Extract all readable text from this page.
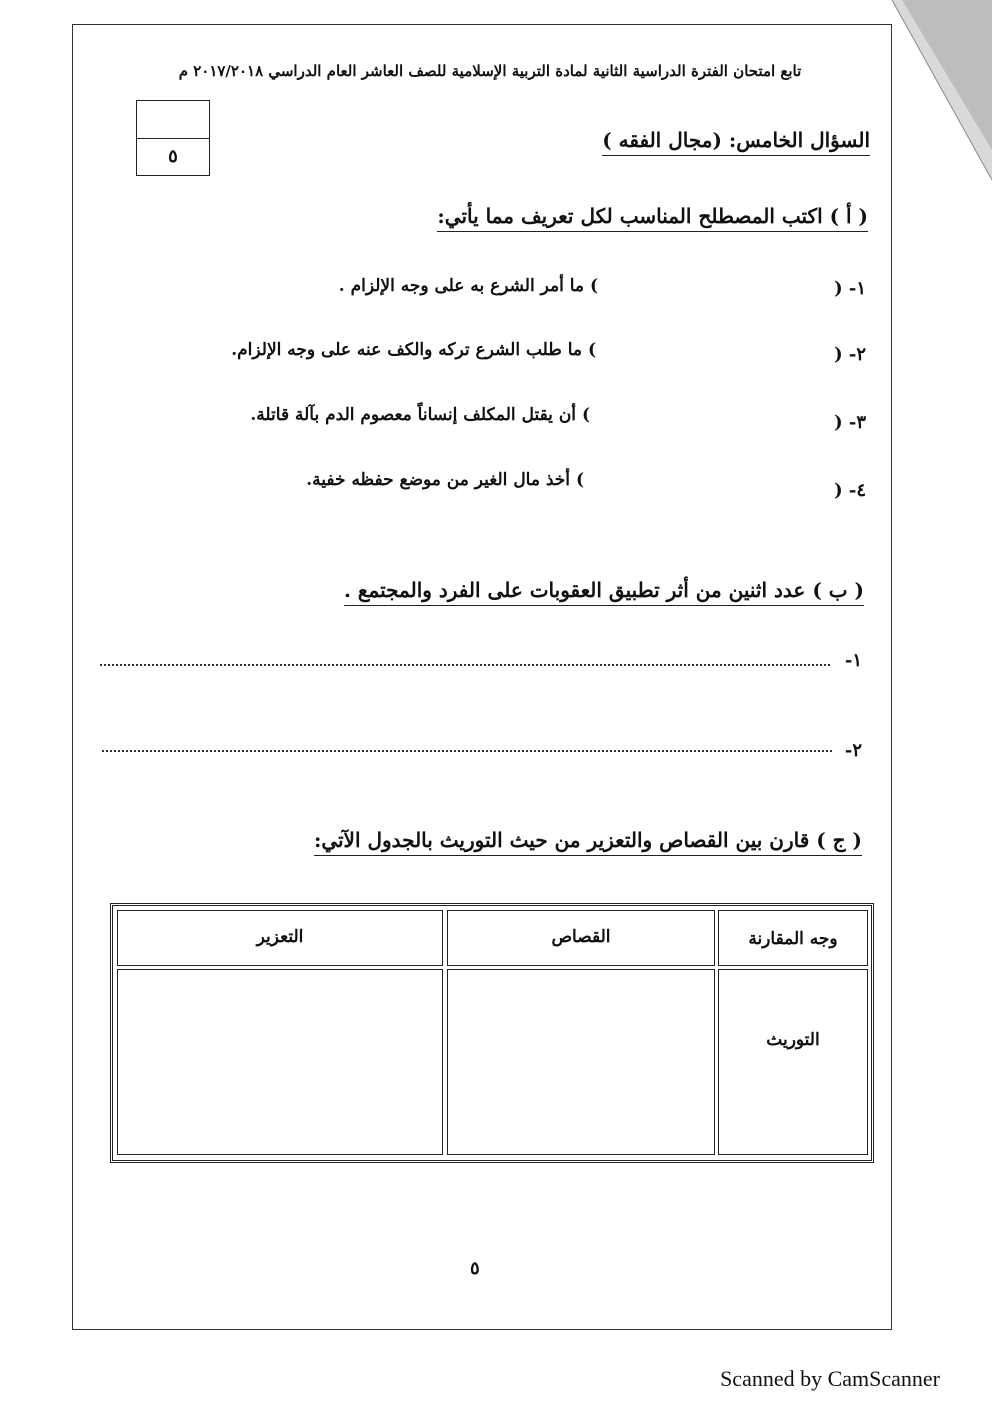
تابع امتحان الفترة الدراسية الثانية لمادة التربية الإسلامية للصف العاشر العام الدراسي ٢٠١٧/٢٠١٨ م
٥
السؤال الخامس: (مجال الفقه )
( أ ) اكتب المصطلح المناسب لكل تعريف مما يأتي:
١- (
) ما أمر الشرع به على وجه الإلزام .
٢- (
) ما طلب الشرع تركه والكف عنه على وجه الإلزام.
٣- (
) أن يقتل المكلف إنساناً معصوم الدم بآلة قاتلة.
٤- (
) أخذ مال الغير من موضع حفظه خفية.
( ب ) عدد اثنين من أثر تطبيق العقوبات على الفرد والمجتمع .
١-
٢-
( ج ) قارن بين القصاص والتعزير من حيث التوريث بالجدول الآتي:
وجه المقارنة
القصاص
التعزير
التوريث
٥
Scanned by CamScanner
